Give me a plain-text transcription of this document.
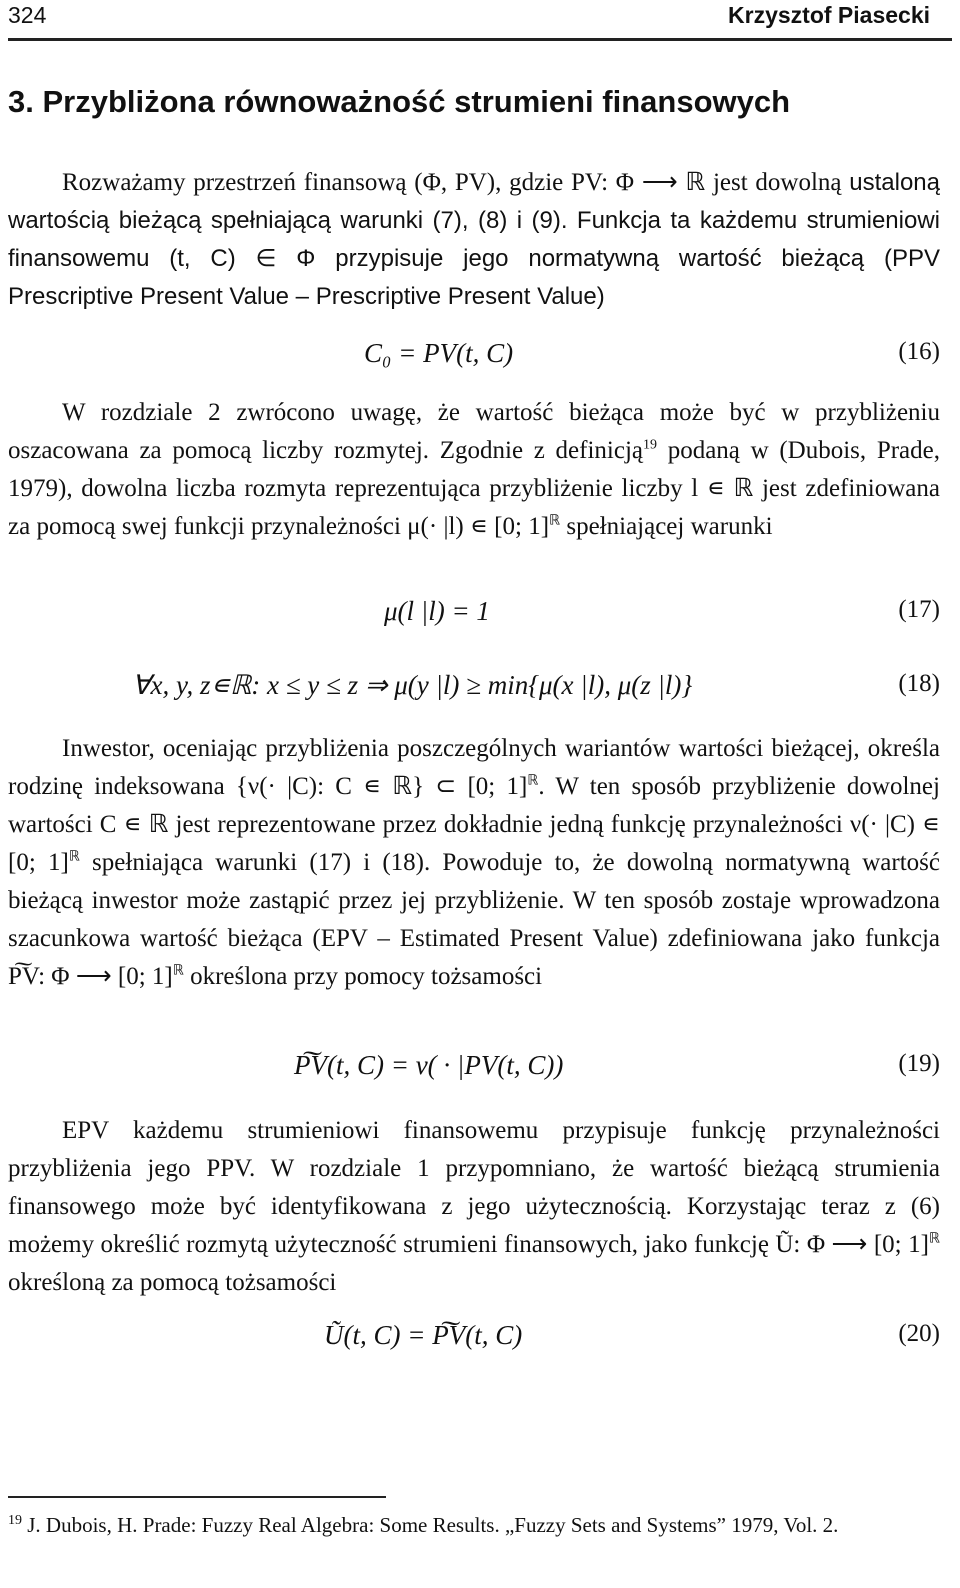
324	Krzysztof Piasecki
3. Przybliżona równoważność strumieni finansowych

Rozważamy przestrzeń finansową (Φ, PV), gdzie PV: Φ ⟶ ℝ jest dowolną ustaloną wartością bieżącą spełniającą warunki (7), (8) i (9). Funkcja ta każdemu strumieniowi finansowemu (t, C) ∈ Φ przypisuje jego normatywną wartość bieżącą (PPV Prescriptive Present Value – Prescriptive Present Value)

C₀ = PV(t, C)	(16)

W rozdziale 2 zwrócono uwagę, że wartość bieżąca może być w przybliżeniu oszacowana za pomocą liczby rozmytej. Zgodnie z definicją$^{19}$ podaną w (Dubois, Prade, 1979), dowolna liczba rozmyta reprezentująca przybliżenie liczby l ∊ ℝ jest zdefiniowana za pomocą swej funkcji przynależności μ(· |l) ∊ [0; 1]$^ℝ$ spełniającej warunki

μ(l |l) = 1	(17)
∀x, y, z∊ℝ: x ≤ y ≤ z ⇒ μ(y |l) ≥ min{μ(x |l), μ(z |l)}	(18)

Inwestor, oceniając przybliżenia poszczególnych wariantów wartości bieżącej, określa rodzinę indeksowana {ν(· |C): C ∊ ℝ} ⊂ [0; 1]$^ℝ$. W ten sposób przybliżenie dowolnej wartości C ∊ ℝ jest reprezentowane przez dokładnie jedną funkcję przynależności ν(· |C) ∊ [0; 1]$^ℝ$ spełniająca warunki (17) i (18). Powoduje to, że dowolną normatywną wartość bieżącą inwestor może zastąpić przez jej przybliżenie. W ten sposób zostaje wprowadzona szacunkowa wartość bieżąca (EPV – Estimated Present Value) zdefiniowana jako funkcja P͠V: Φ ⟶ [0; 1]$^ℝ$ określona przy pomocy tożsamości

P͠V(t, C) = ν( · |PV(t, C))	(19)

EPV każdemu strumieniowi finansowemu przypisuje funkcję przynależności przybliżenia jego PPV. W rozdziale 1 przypomniano, że wartość bieżącą strumienia finansowego może być identyfikowana z jego użytecznością. Korzystając teraz z (6) możemy określić rozmytą użyteczność strumieni finansowych, jako funkcję Ũ: Φ ⟶ [0; 1]$^ℝ$ określoną za pomocą tożsamości

Ũ(t, C) = P͠V(t, C)	(20)
$^{19}$ J. Dubois, H. Prade: Fuzzy Real Algebra: Some Results. „Fuzzy Sets and Systems” 1979, Vol. 2.
